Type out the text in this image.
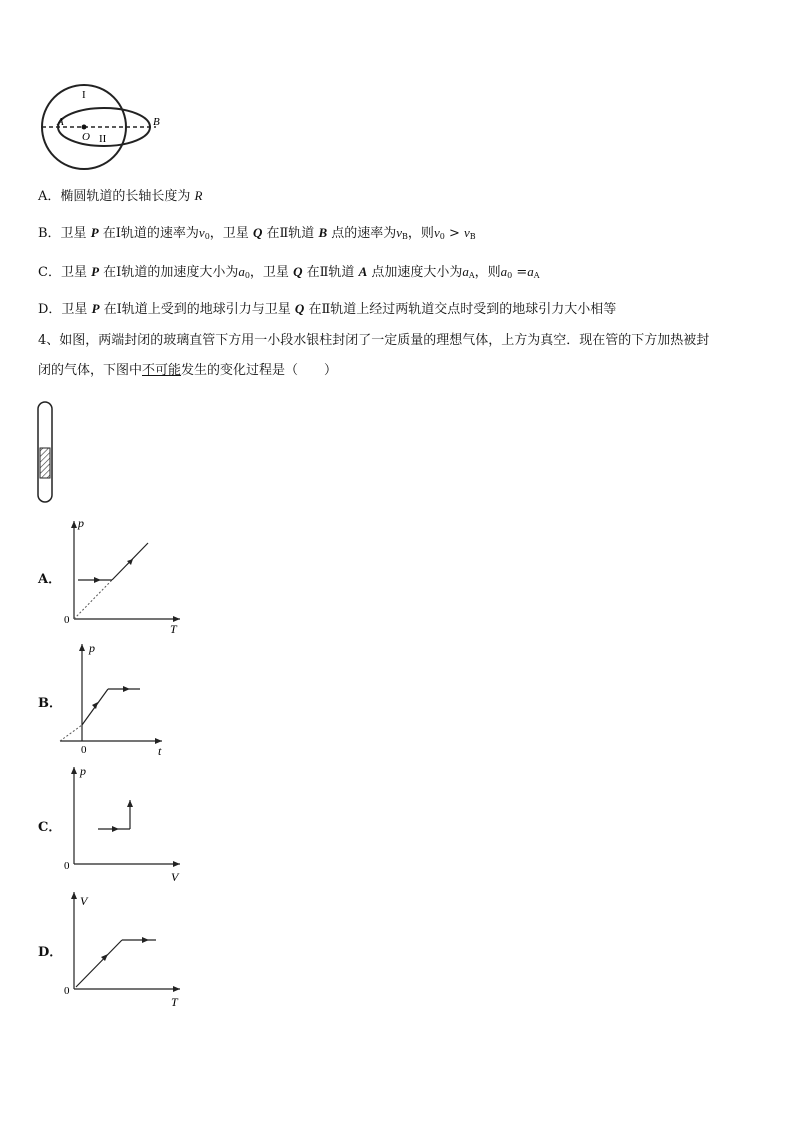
I
II
A	B
O
A．椭圆轨道的长轴长度为 R
B．卫星 P 在Ⅰ轨道的速率为$v_0$，卫星 Q 在Ⅱ轨道 B 点的速率为$v_B$，则$v_0 > v_B$
C．卫星 P 在Ⅰ轨道的加速度大小为$a_0$，卫星 Q 在Ⅱ轨道 A 点加速度大小为$a_A$，则$a_0 =a_A$
D．卫星 P 在Ⅰ轨道上受到的地球引力与卫星 Q 在Ⅱ轨道上经过两轨道交点时受到的地球引力大小相等
4、如图，两端封闭的玻璃直管下方用一小段水银柱封闭了一定质量的理想气体，上方为真空．现在管的下方加热被封
闭的气体，下图中不可能发生的变化过程是（　　）
A．
p
T
0
B．
p
t
0
C．
p
V
0
D．
V
T
0
